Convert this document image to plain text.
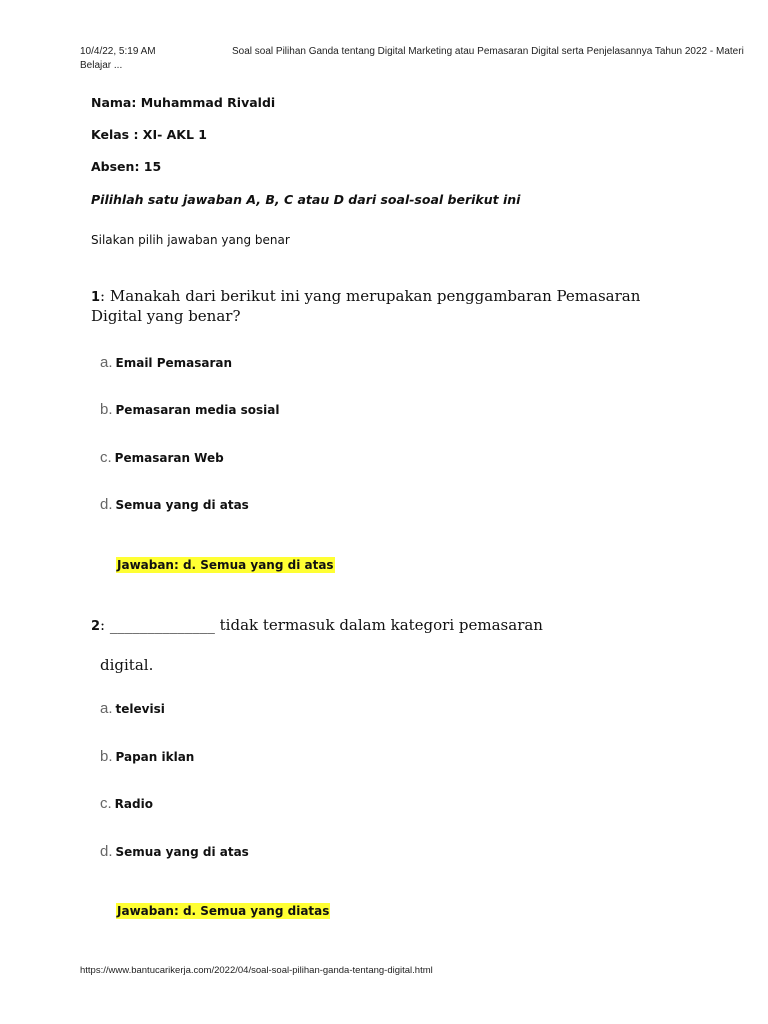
10/4/22, 5:19 AM	Soal soal Pilihan Ganda tentang Digital Marketing atau Pemasaran Digital serta Penjelasannya Tahun 2022 - Materi Belajar ...
Nama: Muhammad Rivaldi
Kelas : XI- AKL 1
Absen: 15
Pilihlah satu jawaban A, B, C atau D dari soal-soal berikut ini
Silakan pilih jawaban yang benar
1: Manakah dari berikut ini yang merupakan penggambaran Pemasaran Digital yang benar?
a. Email Pemasaran
b. Pemasaran media sosial
c. Pemasaran Web
d. Semua yang di atas
Jawaban: d. Semua yang di atas
2: ______________ tidak termasuk dalam kategori pemasaran
digital.
a. televisi
b. Papan iklan
c. Radio
d. Semua yang di atas
Jawaban: d. Semua yang diatas
https://www.bantucarikerja.com/2022/04/soal-soal-pilihan-ganda-tentang-digital.html
